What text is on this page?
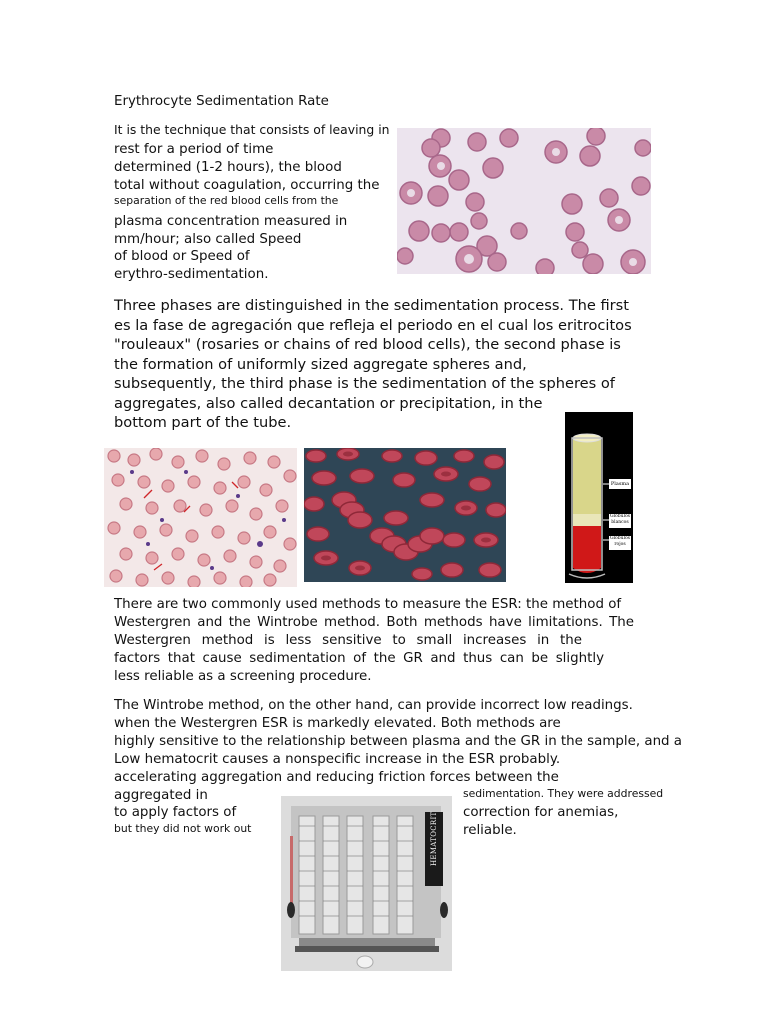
Erythrocyte Sedimentation Rate
It is the technique that consists of leaving in
rest for a period of time
determined (1-2 hours), the blood
total without coagulation, occurring the
separation of the red blood cells from the
plasma concentration measured in
mm/hour; also called Speed
of blood or Speed of
erythro-sedimentation.
Three phases are distinguished in the sedimentation process. The first
es la fase de agregación que refleja el periodo en el cual los eritrocitos
"rouleaux" (rosaries or chains of red blood cells), the second phase is
the formation of uniformly sized aggregate spheres and,
subsequently, the third phase is the sedimentation of the spheres of
aggregates, also called decantation or precipitation, in the
bottom part of the tube.
Plasma
Glóbulos blancos
Glóbulos rojos
There are two commonly used methods to measure the ESR: the method of
Westergren and the Wintrobe method. Both methods have limitations. The
Westergren method is less sensitive to small increases in the
factors that cause sedimentation of the GR and thus can be slightly
less reliable as a screening procedure.
The Wintrobe method, on the other hand, can provide incorrect low readings.
when the Westergren ESR is markedly elevated. Both methods are
highly sensitive to the relationship between plasma and the GR in the sample, and a
Low hematocrit causes a nonspecific increase in the ESR probably.
accelerating aggregation and reducing friction forces between the
aggregated in
to apply factors of
but they did not work out
sedimentation. They were addressed
correction for anemias,
reliable.
HEMATOCRIT
